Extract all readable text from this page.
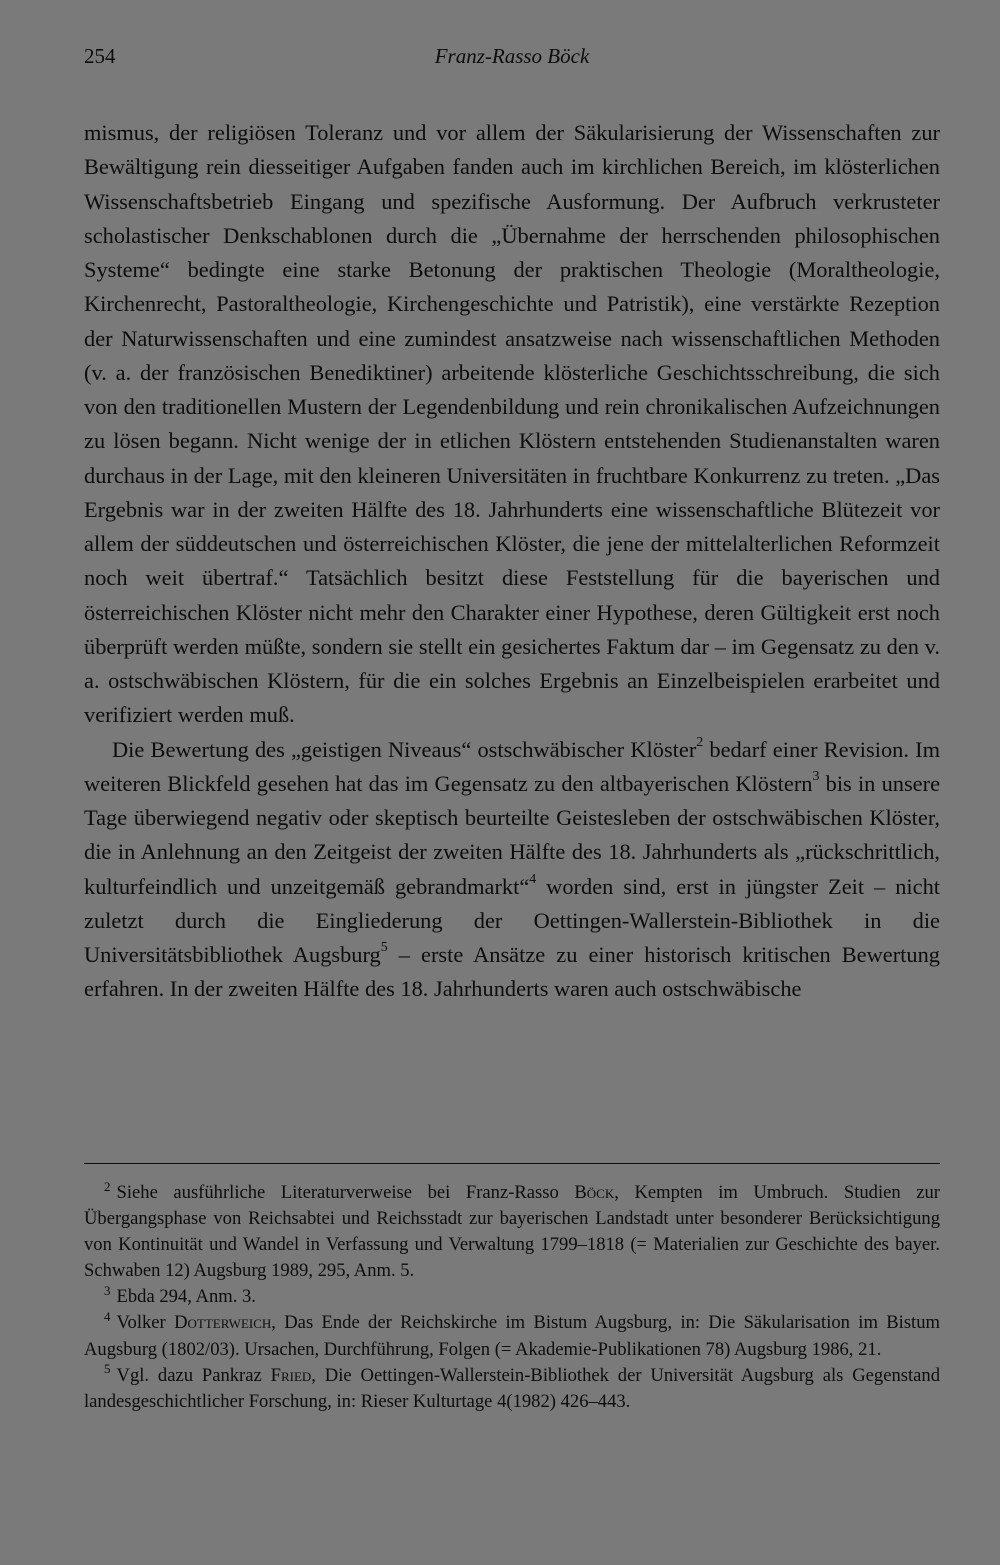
254	Franz-Rasso Böck

mismus, der religiösen Toleranz und vor allem der Säkularisierung der Wissenschaften zur Bewältigung rein diesseitiger Aufgaben fanden auch im kirchlichen Bereich, im klösterlichen Wissenschaftsbetrieb Eingang und spezifische Ausformung. Der Aufbruch verkrusteter scholastischer Denkschablonen durch die „Übernahme der herrschenden philosophischen Systeme“ bedingte eine starke Betonung der praktischen Theologie (Moraltheologie, Kirchenrecht, Pastoraltheologie, Kirchengeschichte und Patristik), eine verstärkte Rezeption der Naturwissenschaften und eine zumindest ansatzweise nach wissenschaftlichen Methoden (v. a. der französischen Benediktiner) arbeitende klösterliche Geschichtsschreibung, die sich von den traditionellen Mustern der Legendenbildung und rein chronikalischen Aufzeichnungen zu lösen begann. Nicht wenige der in etlichen Klöstern entstehenden Studienanstalten waren durchaus in der Lage, mit den kleineren Universitäten in fruchtbare Konkurrenz zu treten. „Das Ergebnis war in der zweiten Hälfte des 18. Jahrhunderts eine wissenschaftliche Blütezeit vor allem der süddeutschen und österreichischen Klöster, die jene der mittelalterlichen Reformzeit noch weit übertraf.“ Tatsächlich besitzt diese Feststellung für die bayerischen und österreichischen Klöster nicht mehr den Charakter einer Hypothese, deren Gültigkeit erst noch überprüft werden müßte, sondern sie stellt ein gesichertes Faktum dar – im Gegensatz zu den v. a. ostschwäbischen Klöstern, für die ein solches Ergebnis an Einzelbeispielen erarbeitet und verifiziert werden muß.

Die Bewertung des „geistigen Niveaus“ ostschwäbischer Klöster$^2$ bedarf einer Revision. Im weiteren Blickfeld gesehen hat das im Gegensatz zu den altbayerischen Klöstern$^3$ bis in unsere Tage überwiegend negativ oder skeptisch beurteilte Geistesleben der ostschwäbischen Klöster, die in Anlehnung an den Zeitgeist der zweiten Hälfte des 18. Jahrhunderts als „rückschrittlich, kulturfeindlich und unzeitgemäß gebrandmarkt“$^4$ worden sind, erst in jüngster Zeit – nicht zuletzt durch die Eingliederung der Oettingen-Wallerstein-Bibliothek in die Universitätsbibliothek Augsburg$^5$ – erste Ansätze zu einer historisch kritischen Bewertung erfahren. In der zweiten Hälfte des 18. Jahrhunderts waren auch ostschwäbische

$^2$ Siehe ausführliche Literaturverweise bei Franz-Rasso Böck, Kempten im Umbruch. Studien zur Übergangsphase von Reichsabtei und Reichsstadt zur bayerischen Landstadt unter besonderer Berücksichtigung von Kontinuität und Wandel in Verfassung und Verwaltung 1799–1818 (= Materialien zur Geschichte des bayer. Schwaben 12) Augsburg 1989, 295, Anm. 5.

$^3$ Ebda 294, Anm. 3.

$^4$ Volker Dotterweich, Das Ende der Reichskirche im Bistum Augsburg, in: Die Säkularisation im Bistum Augsburg (1802/03). Ursachen, Durchführung, Folgen (= Akademie-Publikationen 78) Augsburg 1986, 21.

$^5$ Vgl. dazu Pankraz Fried, Die Oettingen-Wallerstein-Bibliothek der Universität Augsburg als Gegenstand landesgeschichtlicher Forschung, in: Rieser Kulturtage 4(1982) 426–443.
